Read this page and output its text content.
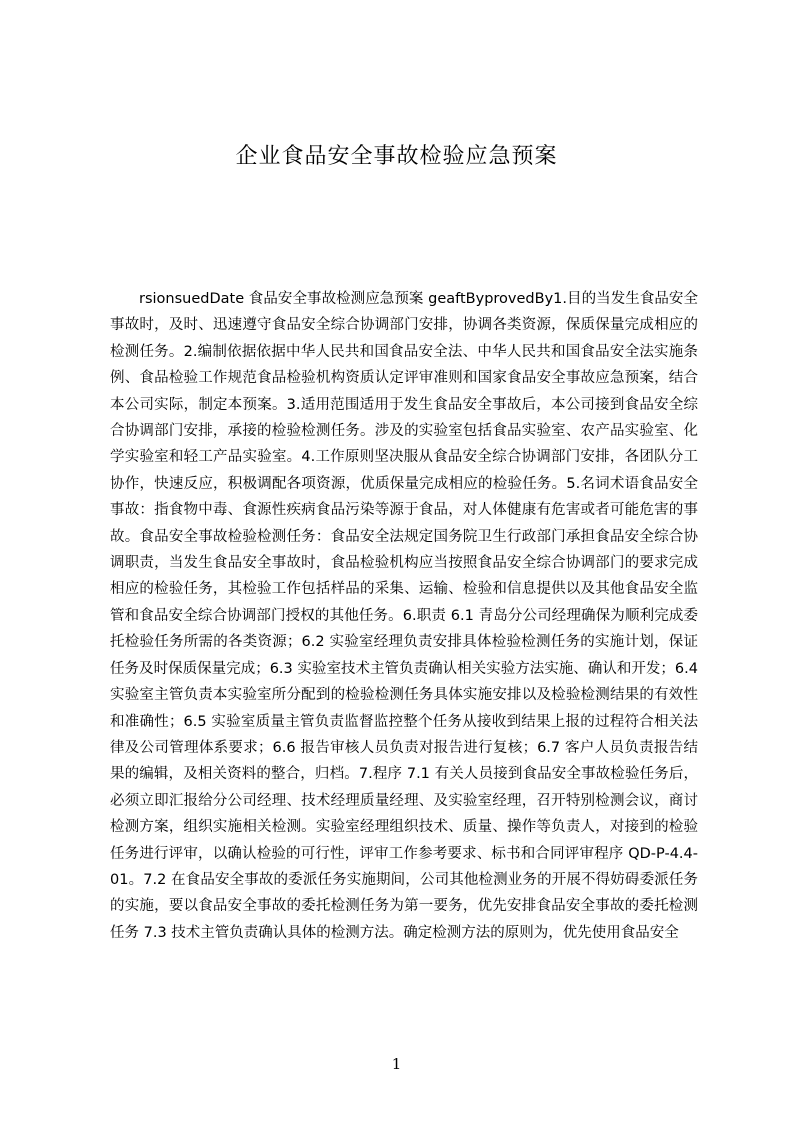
企业食品安全事故检验应急预案

rsionsuedDate 食品安全事故检测应急预案 geaftByprovedBy1.目的当发生食品安全事故时，及时、迅速遵守食品安全综合协调部门安排，协调各类资源，保质保量完成相应的检测任务。2.编制依据依据中华人民共和国食品安全法、中华人民共和国食品安全法实施条例、食品检验工作规范食品检验机构资质认定评审准则和国家食品安全事故应急预案，结合本公司实际，制定本预案。3.适用范围适用于发生食品安全事故后，本公司接到食品安全综合协调部门安排，承接的检验检测任务。涉及的实验室包括食品实验室、农产品实验室、化学实验室和轻工产品实验室。4.工作原则坚决服从食品安全综合协调部门安排，各团队分工协作，快速反应，积极调配各项资源，优质保量完成相应的检验任务。5.名词术语食品安全事故：指食物中毒、食源性疾病食品污染等源于食品，对人体健康有危害或者可能危害的事故。食品安全事故检验检测任务：食品安全法规定国务院卫生行政部门承担食品安全综合协调职责，当发生食品安全事故时，食品检验机构应当按照食品安全综合协调部门的要求完成相应的检验任务，其检验工作包括样品的采集、运输、检验和信息提供以及其他食品安全监管和食品安全综合协调部门授权的其他任务。6.职责 6.1 青岛分公司经理确保为顺利完成委托检验任务所需的各类资源；6.2 实验室经理负责安排具体检验检测任务的实施计划，保证任务及时保质保量完成；6.3 实验室技术主管负责确认相关实验方法实施、确认和开发；6.4 实验室主管负责本实验室所分配到的检验检测任务具体实施安排以及检验检测结果的有效性和准确性；6.5 实验室质量主管负责监督监控整个任务从接收到结果上报的过程符合相关法律及公司管理体系要求；6.6 报告审核人员负责对报告进行复核；6.7 客户人员负责报告结果的编辑，及相关资料的整合，归档。7.程序 7.1 有关人员接到食品安全事故检验任务后，必须立即汇报给分公司经理、技术经理质量经理、及实验室经理，召开特别检测会议，商讨检测方案，组织实施相关检测。实验室经理组织技术、质量、操作等负责人，对接到的检验任务进行评审，以确认检验的可行性，评审工作参考要求、标书和合同评审程序 QD-P-4.4-01。7.2 在食品安全事故的委派任务实施期间，公司其他检测业务的开展不得妨碍委派任务的实施，要以食品安全事故的委托检测任务为第一要务，优先安排食品安全事故的委托检测任务 7.3 技术主管负责确认具体的检测方法。确定检测方法的原则为，优先使用食品安全

1
